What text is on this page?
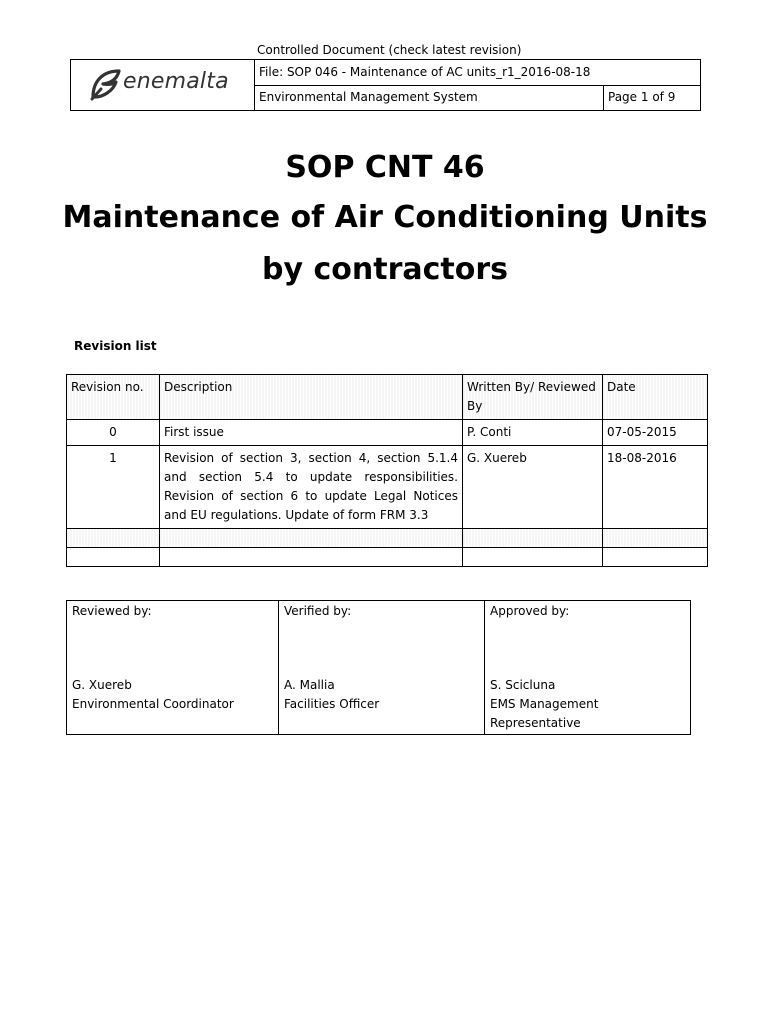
Controlled Document (check latest revision)
enemalta	File: SOP 046 - Maintenance of AC units_r1_2016-08-18
Environmental Management System	Page 1 of 9
SOP CNT 46
Maintenance of Air Conditioning Units
by contractors
Revision list
Revision no.	Description	Written By/ Reviewed By	Date
0	First issue	P. Conti	07-05-2015
1	Revision of section 3, section 4, section 5.1.4 and section 5.4 to update responsibilities. Revision of section 6 to update Legal Notices and EU regulations. Update of form FRM 3.3	G. Xuereb	18-08-2016

Reviewed by:
G. Xuereb
Environmental Coordinator

Verified by:
A. Mallia
Facilities Officer

Approved by:
S. Scicluna
EMS Management Representative
